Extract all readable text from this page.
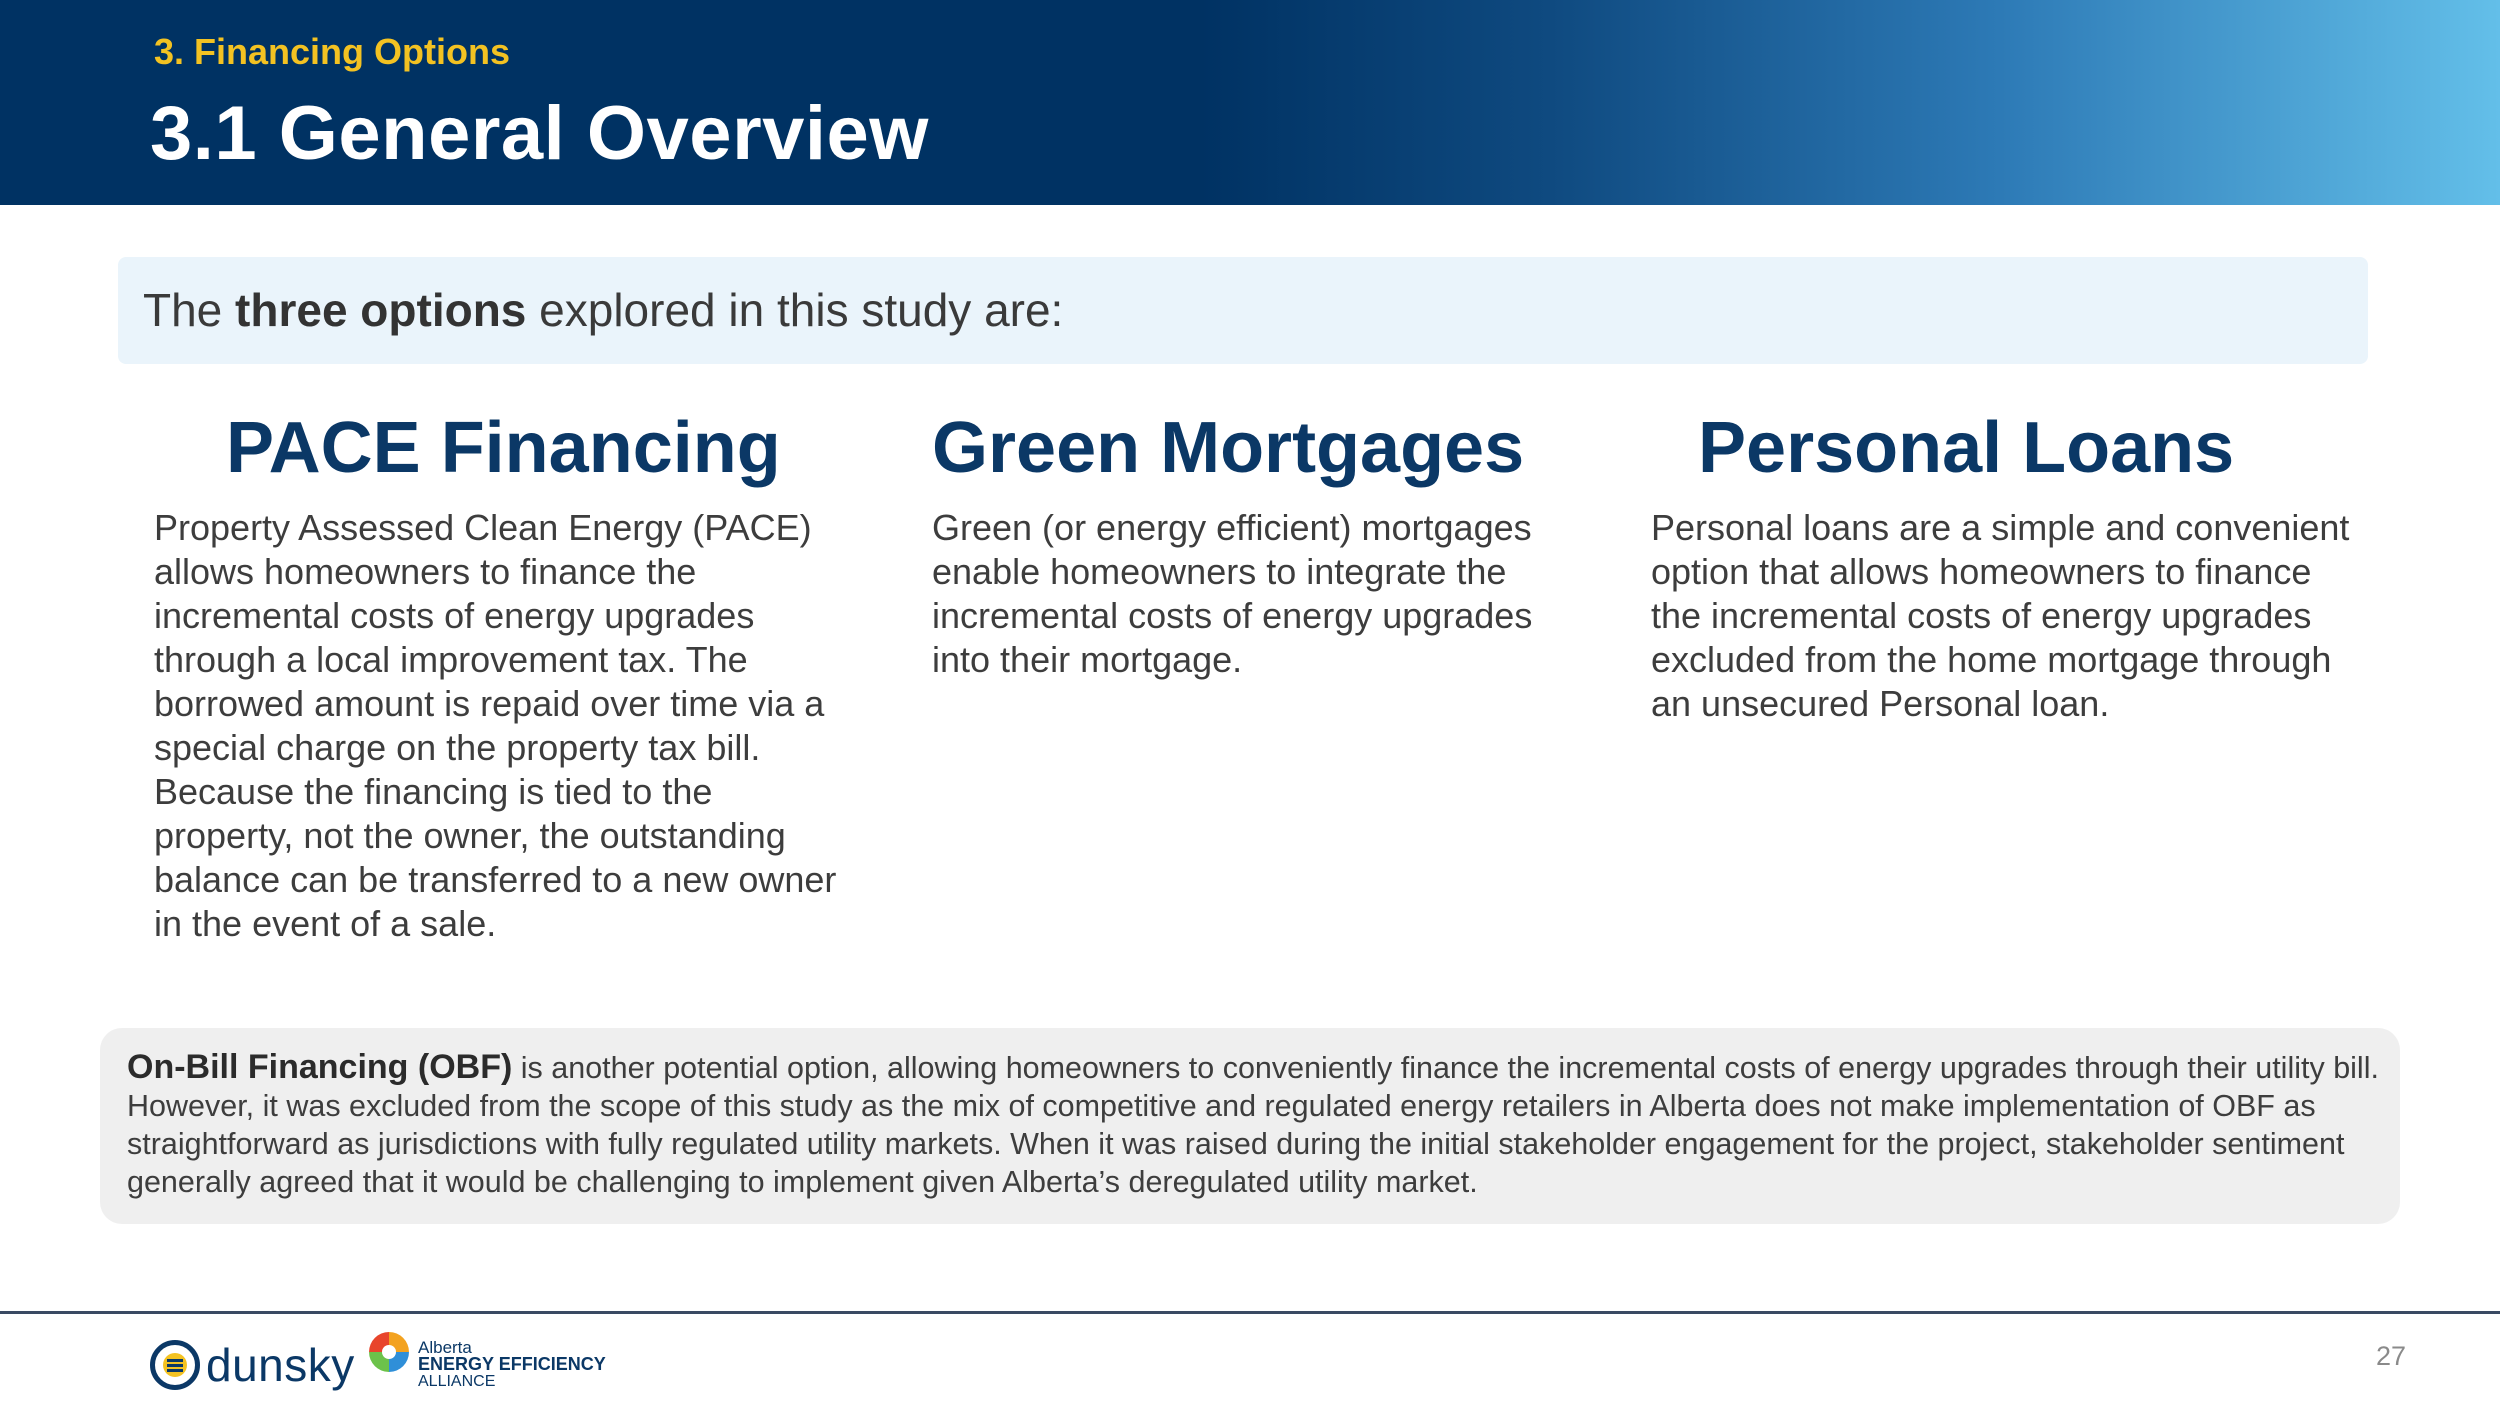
3. Financing Options
3.1 General Overview
The three options explored in this study are:
PACE Financing

Property Assessed Clean Energy (PACE) allows homeowners to finance the incremental costs of energy upgrades through a local improvement tax. The borrowed amount is repaid over time via a special charge on the property tax bill. Because the financing is tied to the property, not the owner, the outstanding balance can be transferred to a new owner in the event of a sale.

Green Mortgages

Green (or energy efficient) mortgages enable homeowners to integrate the incremental costs of energy upgrades into their mortgage.

Personal Loans

Personal loans are a simple and convenient option that allows homeowners to finance the incremental costs of energy upgrades excluded from the home mortgage through an unsecured Personal loan.

On-Bill Financing (OBF) is another potential option, allowing homeowners to conveniently finance the incremental costs of energy upgrades through their utility bill. However, it was excluded from the scope of this study as the mix of competitive and regulated energy retailers in Alberta does not make implementation of OBF as straightforward as jurisdictions with fully regulated utility markets. When it was raised during the initial stakeholder engagement for the project, stakeholder sentiment generally agreed that it would be challenging to implement given Alberta’s deregulated utility market.

dunsky	Alberta
ENERGY EFFICIENCY
ALLIANCE
27
